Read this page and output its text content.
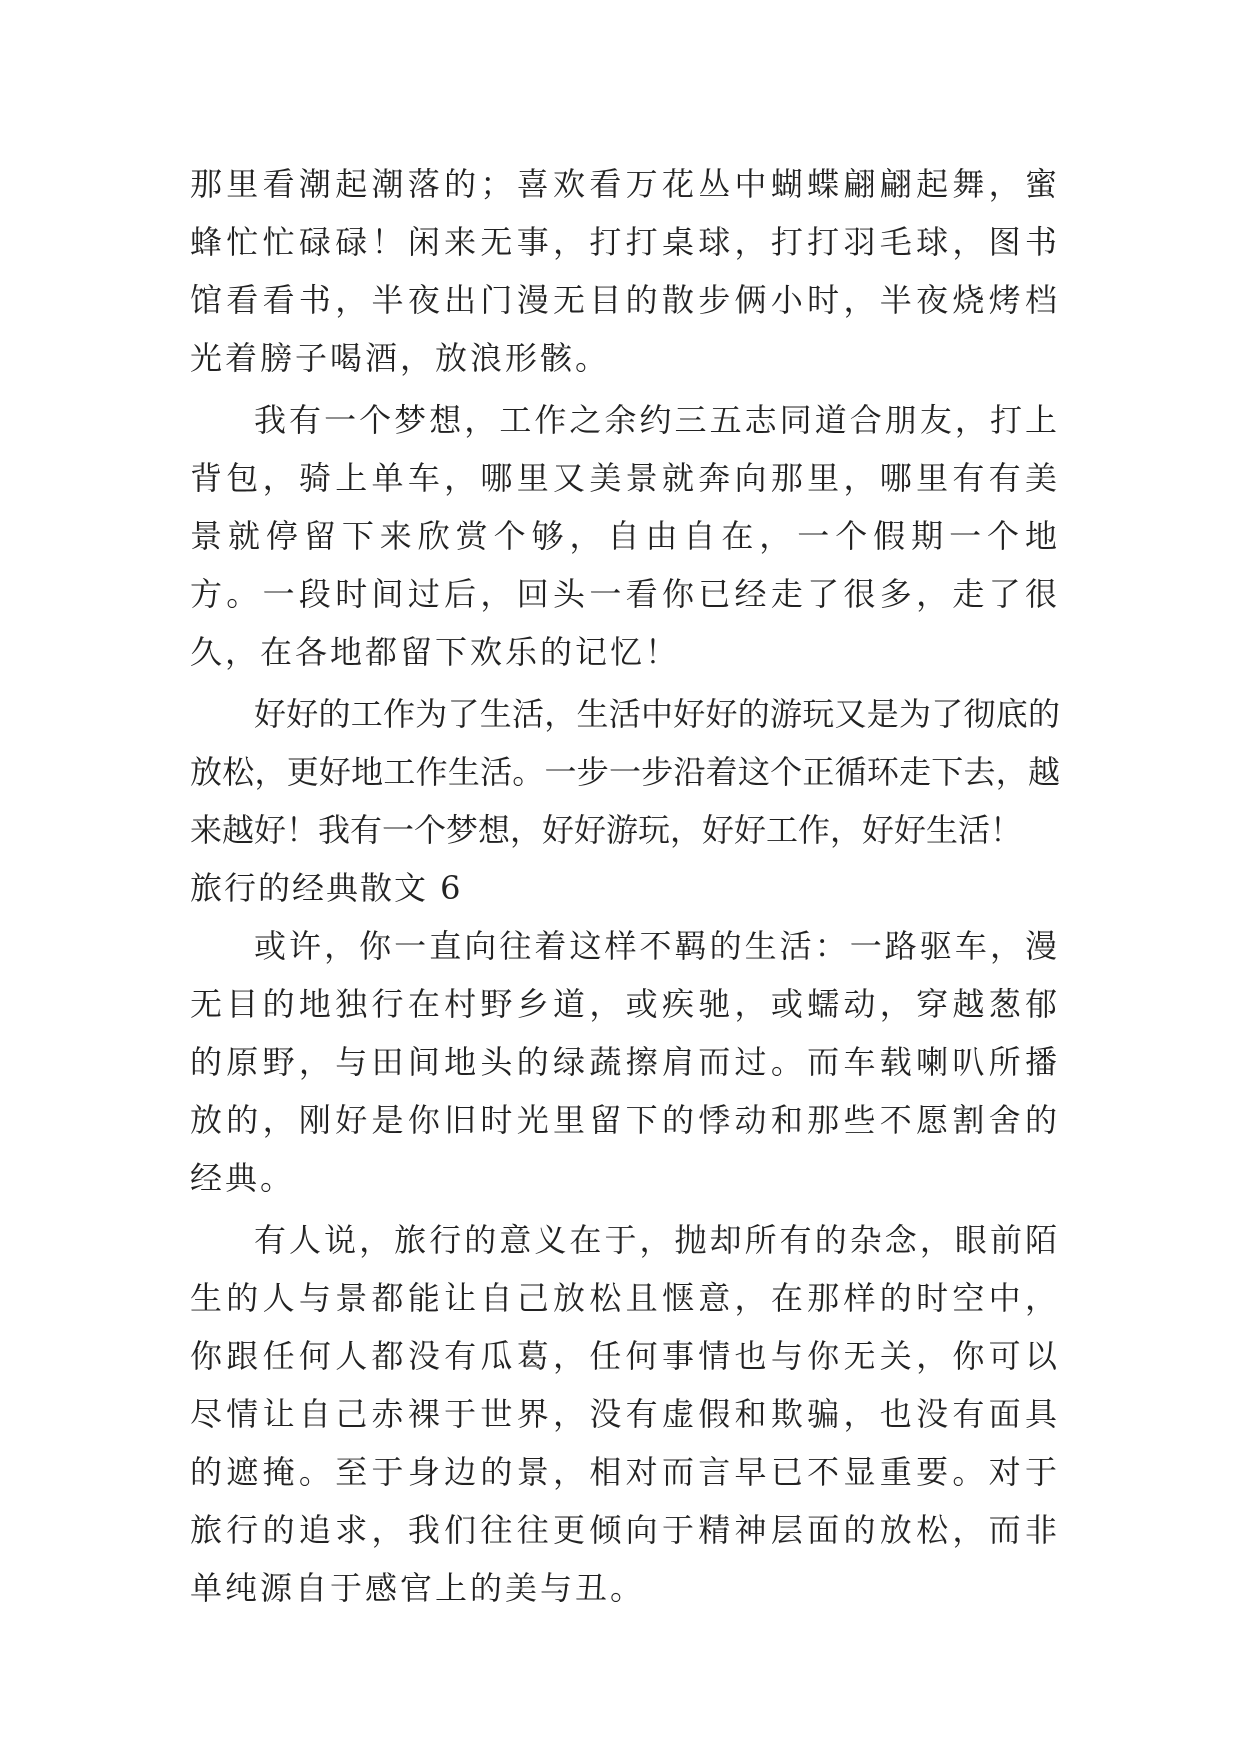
那里看潮起潮落的；喜欢看万花丛中蝴蝶翩翩起舞，蜜蜂忙忙碌碌！闲来无事，打打桌球，打打羽毛球，图书馆看看书，半夜出门漫无目的散步俩小时，半夜烧烤档光着膀子喝酒，放浪形骸。

我有一个梦想，工作之余约三五志同道合朋友，打上背包，骑上单车，哪里又美景就奔向那里，哪里有有美景就停留下来欣赏个够，自由自在，一个假期一个地方。一段时间过后，回头一看你已经走了很多，走了很久，在各地都留下欢乐的记忆！

好好的工作为了生活，生活中好好的游玩又是为了彻底的放松，更好地工作生活。一步一步沿着这个正循环走下去，越来越好！我有一个梦想，好好游玩，好好工作，好好生活！

旅行的经典散文 6

或许，你一直向往着这样不羁的生活：一路驱车，漫无目的地独行在村野乡道，或疾驰，或蠕动，穿越葱郁的原野，与田间地头的绿蔬擦肩而过。而车载喇叭所播放的，刚好是你旧时光里留下的悸动和那些不愿割舍的经典。

有人说，旅行的意义在于，抛却所有的杂念，眼前陌生的人与景都能让自己放松且惬意，在那样的时空中，你跟任何人都没有瓜葛，任何事情也与你无关，你可以尽情让自己赤裸于世界，没有虚假和欺骗，也没有面具的遮掩。至于身边的景，相对而言早已不显重要。对于旅行的追求，我们往往更倾向于精神层面的放松，而非单纯源自于感官上的美与丑。
